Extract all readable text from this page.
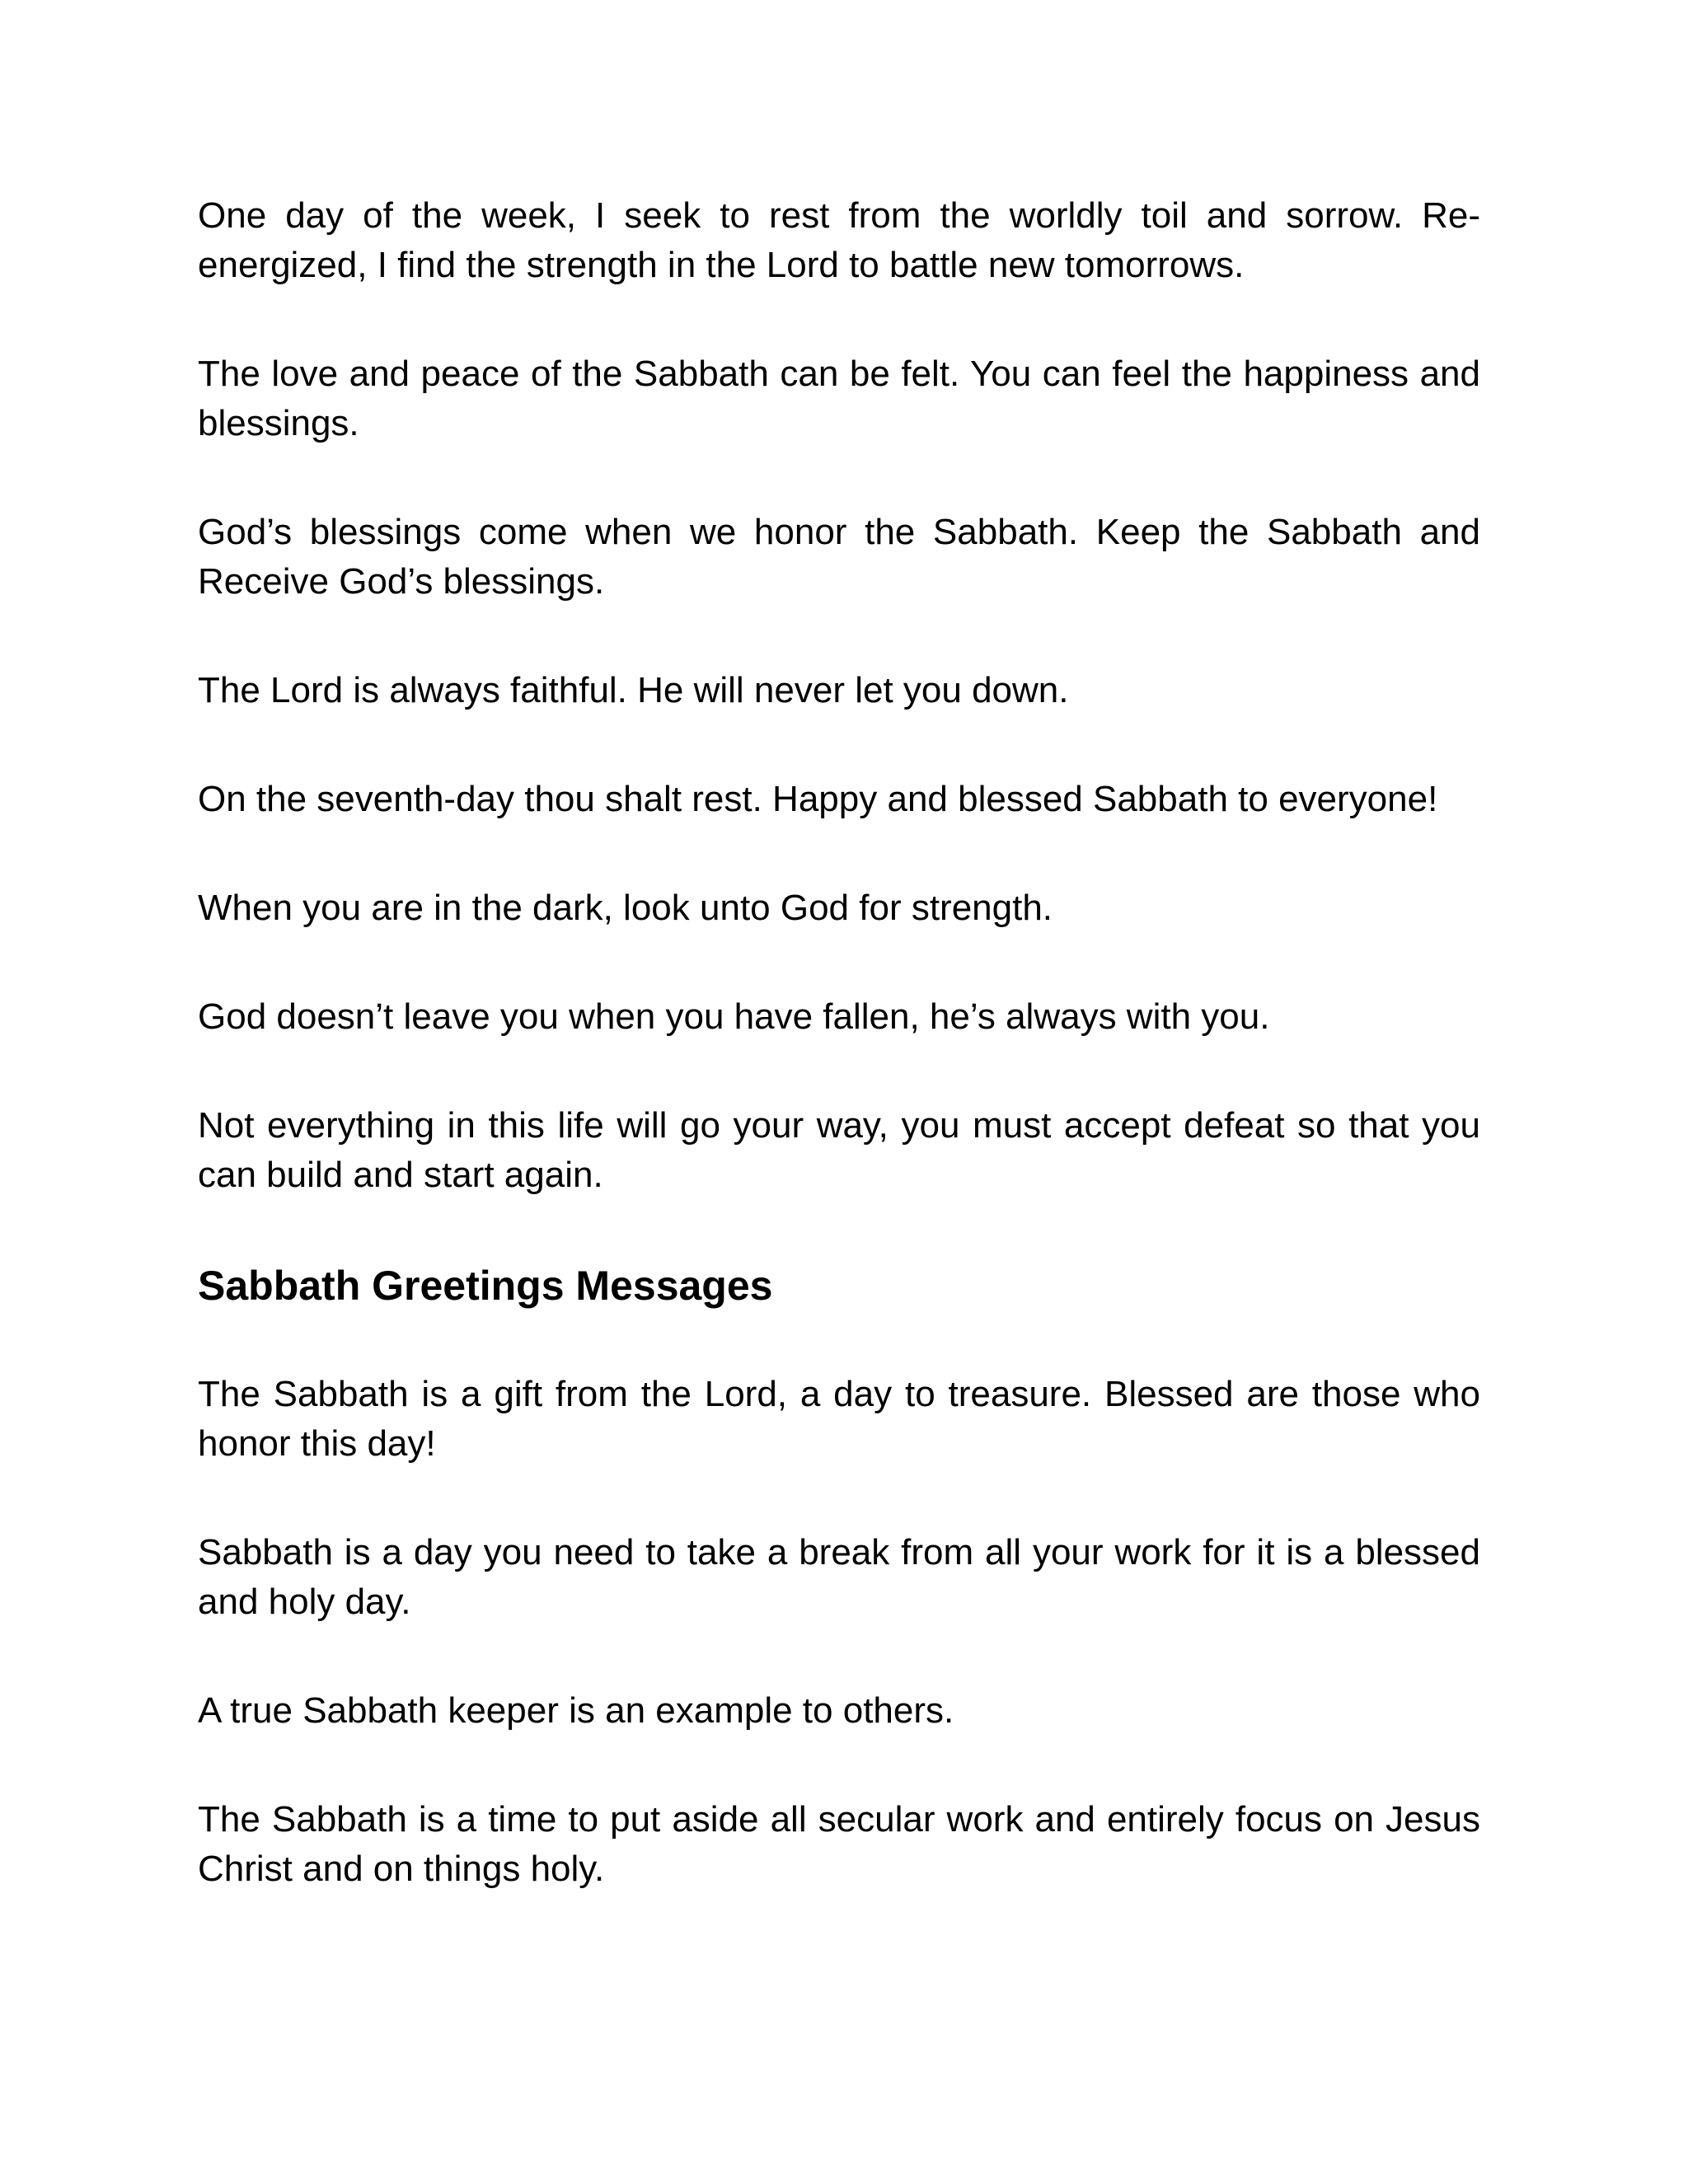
One day of the week, I seek to rest from the worldly toil and sorrow. Re-energized, I find the strength in the Lord to battle new tomorrows.

The love and peace of the Sabbath can be felt. You can feel the happiness and blessings.

God’s blessings come when we honor the Sabbath. Keep the Sabbath and Receive God’s blessings.

The Lord is always faithful. He will never let you down.

On the seventh-day thou shalt rest. Happy and blessed Sabbath to everyone!

When you are in the dark, look unto God for strength.

God doesn’t leave you when you have fallen, he’s always with you.

Not everything in this life will go your way, you must accept defeat so that you can build and start again.

Sabbath Greetings Messages

The Sabbath is a gift from the Lord, a day to treasure. Blessed are those who honor this day!

Sabbath is a day you need to take a break from all your work for it is a blessed and holy day.

A true Sabbath keeper is an example to others.

The Sabbath is a time to put aside all secular work and entirely focus on Jesus Christ and on things holy.
